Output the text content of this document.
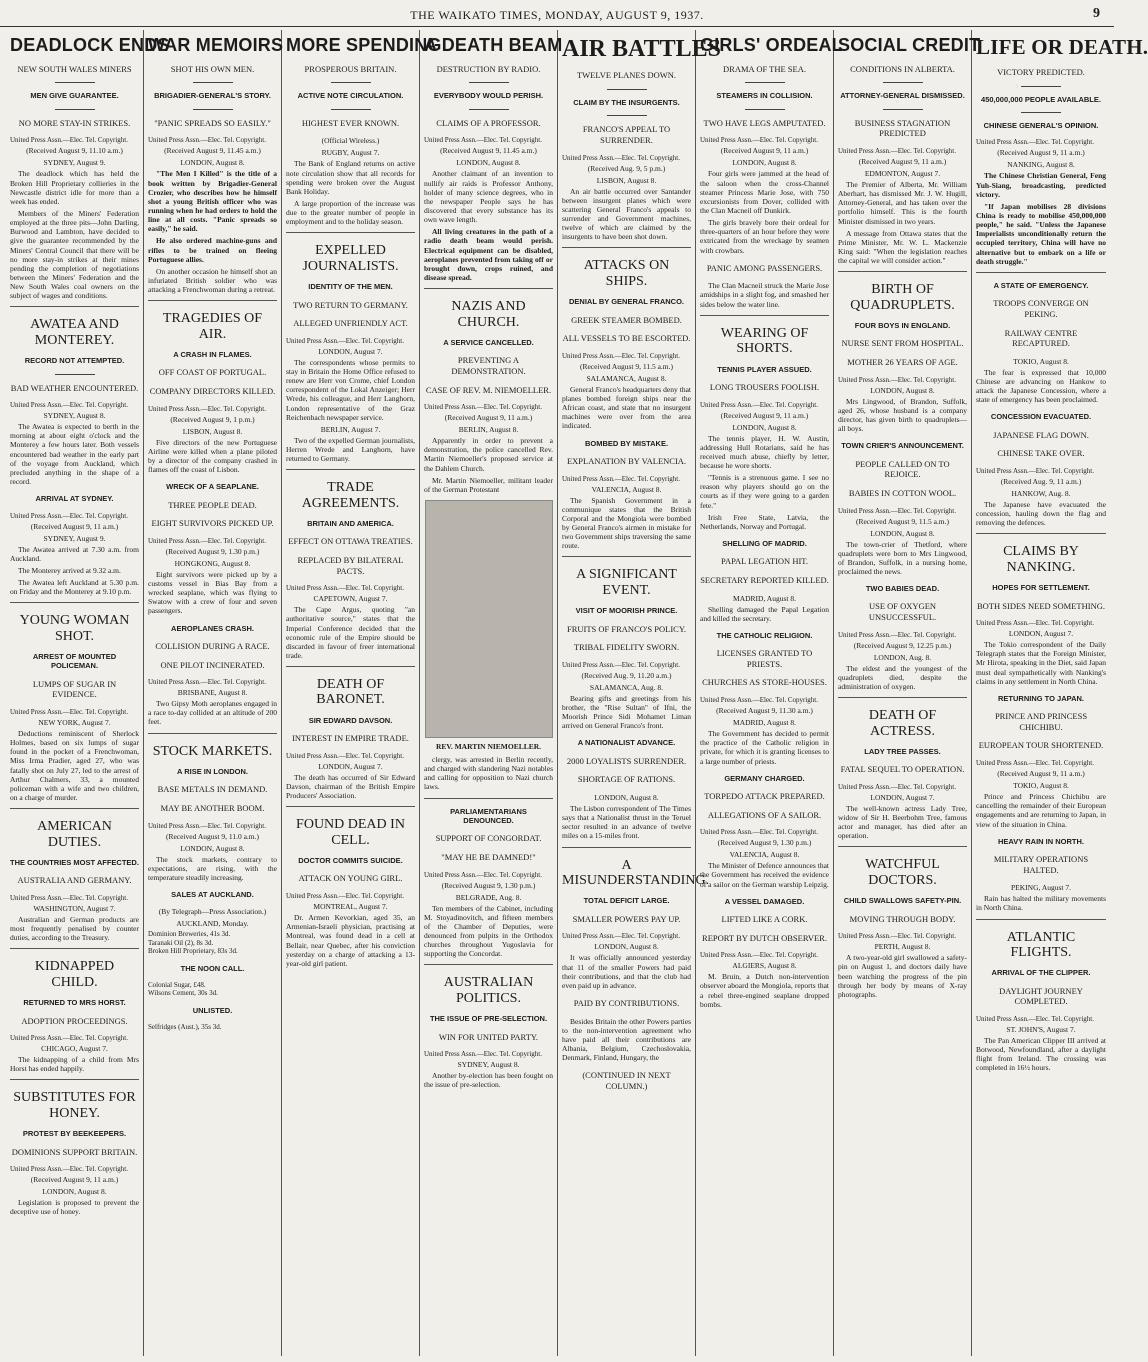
THE WAIKATO TIMES, MONDAY, AUGUST 9, 1937.	9
DEADLOCK ENDS
NEW SOUTH WALES MINERS
MEN GIVE GUARANTEE.
NO MORE STAY-IN STRIKES.
United Press Assn.—Elec. Tel. Copyright.
(Received August 9, 11.10 a.m.)
SYDNEY, August 9.

The deadlock which has held the Broken Hill Proprietary collieries in the Newcastle district idle for more than a week has ended.

Members of the Miners' Federation employed at the three pits—John Darling, Burwood and Lambton, have decided to give the guarantee recommended by the Miners' Central Council that there will be no more stay-in strikes at their mines pending the completion of negotiations between the Miners' Federation and the New South Wales coal owners on the subject of wages and conditions.

AWATEA AND MONTEREY.
RECORD NOT ATTEMPTED.
BAD WEATHER ENCOUNTERED.
United Press Assn.—Elec. Tel. Copyright.
SYDNEY, August 8.

The Awatea is expected to berth in the morning at about eight o'clock and the Monterey a few hours later. Both vessels encountered bad weather in the early part of the voyage from Auckland, which precluded anything in the shape of a record.

ARRIVAL AT SYDNEY.
United Press Assn.—Elec. Tel. Copyright.
(Received August 9, 11 a.m.)
SYDNEY, August 9.

The Awatea arrived at 7.30 a.m. from Auckland.

The Monterey arrived at 9.32 a.m.

The Awatea left Auckland at 5.30 p.m. on Friday and the Monterey at 9.10 p.m.

YOUNG WOMAN SHOT.
ARREST OF MOUNTED POLICEMAN.
LUMPS OF SUGAR IN EVIDENCE.
United Press Assn.—Elec. Tel. Copyright.
NEW YORK, August 7.

Deductions reminiscent of Sherlock Holmes, based on six lumps of sugar found in the pocket of a Frenchwoman, Miss Irma Pradier, aged 27, who was fatally shot on July 27, led to the arrest of Arthur Chalmers, 33, a mounted policeman with a wife and two children, on a charge of murder.

AMERICAN DUTIES.
THE COUNTRIES MOST AFFECTED.
AUSTRALIA AND GERMANY.
United Press Assn.—Elec. Tel. Copyright.
WASHINGTON, August 7.

Australian and German products are most frequently penalised by counter duties, according to the Treasury.

KIDNAPPED CHILD.
RETURNED TO MRS HORST.
ADOPTION PROCEEDINGS.
United Press Assn.—Elec. Tel. Copyright.
CHICAGO, August 7.

The kidnapping of a child from Mrs Horst has ended happily.

SUBSTITUTES FOR HONEY.
PROTEST BY BEEKEEPERS.
DOMINIONS SUPPORT BRITAIN.
United Press Assn.—Elec. Tel. Copyright.
(Received August 9, 11 a.m.)
LONDON, August 8.

Legislation is proposed to prevent the deceptive use of honey.

WAR MEMOIRS
SHOT HIS OWN MEN.
BRIGADIER-GENERAL'S STORY.
"PANIC SPREADS SO EASILY."
United Press Assn.—Elec. Tel. Copyright.
(Received August 9, 11.45 a.m.)
LONDON, August 8.

"The Men I Killed" is the title of a book written by Brigadier-General Crozier, who describes how he himself shot a young British officer who was running when he had orders to hold the line at all costs. "Panic spreads so easily," he said.

He also ordered machine-guns and rifles to be trained on fleeing Portuguese allies.

On another occasion he himself shot an infuriated British soldier who was attacking a Frenchwoman during a retreat.

TRAGEDIES OF AIR.
A CRASH IN FLAMES.
OFF COAST OF PORTUGAL.
COMPANY DIRECTORS KILLED.
United Press Assn.—Elec. Tel. Copyright.
(Received August 9, 1 p.m.)
LISBON, August 8.

Five directors of the new Portuguese Airline were killed when a plane piloted by a director of the company crashed in flames off the coast of Lisbon.

WRECK OF A SEAPLANE.
THREE PEOPLE DEAD.
EIGHT SURVIVORS PICKED UP.
United Press Assn.—Elec. Tel. Copyright.
(Received August 9, 1.30 p.m.)
HONGKONG, August 8.

Eight survivors were picked up by a customs vessel in Bias Bay from a wrecked seaplane, which was flying to Swatow with a crew of four and seven passengers.

AEROPLANES CRASH.
COLLISION DURING A RACE.
ONE PILOT INCINERATED.
United Press Assn.—Elec. Tel. Copyright.
BRISBANE, August 8.

Two Gipsy Moth aeroplanes engaged in a race to-day collided at an altitude of 200 feet.

STOCK MARKETS.
A RISE IN LONDON.
BASE METALS IN DEMAND.
MAY BE ANOTHER BOOM.
United Press Assn.—Elec. Tel. Copyright.
(Received August 9, 11.0 a.m.)
LONDON, August 8.

The stock markets, contrary to expectations, are rising, with the temperature steadily increasing.

SALES AT AUCKLAND.
(By Telegraph—Press Association.)
AUCKLAND, Monday.
Dominion Breweries, 41s 3d.
Taranaki Oil (2), 8s 3d.
Broken Hill Proprietary, 83s 3d.
THE NOON CALL.
Colonial Sugar, £48.
Wilsons Cement, 30s 3d.
UNLISTED.
Selfridges (Aust.), 35s 3d.
MORE SPENDING
PROSPEROUS BRITAIN.
ACTIVE NOTE CIRCULATION.
HIGHEST EVER KNOWN.
(Official Wireless.)
RUGBY, August 7.

The Bank of England returns on active note circulation show that all records for spending were broken over the August Bank Holiday.

A large proportion of the increase was due to the greater number of people in employment and to the holiday season.

EXPELLED JOURNALISTS.
IDENTITY OF THE MEN.
TWO RETURN TO GERMANY.
ALLEGED UNFRIENDLY ACT.
United Press Assn.—Elec. Tel. Copyright.
LONDON, August 7.

The correspondents whose permits to stay in Britain the Home Office refused to renew are Herr von Crome, chief London correspondent of the Lokal Anzeiger; Herr Wrede, his colleague, and Herr Langhorn, London representative of the Graz Reichenbach newspaper service.

BERLIN, August 7.

Two of the expelled German journalists, Herren Wrede and Langhorn, have returned to Germany.

TRADE AGREEMENTS.
BRITAIN AND AMERICA.
EFFECT ON OTTAWA TREATIES.
REPLACED BY BILATERAL PACTS.
United Press Assn.—Elec. Tel. Copyright.
CAPETOWN, August 7.

The Cape Argus, quoting "an authoritative source," states that the Imperial Conference decided that the economic rule of the Empire should be discarded in favour of freer international trade.

DEATH OF BARONET.
SIR EDWARD DAVSON.
INTEREST IN EMPIRE TRADE.
United Press Assn.—Elec. Tel. Copyright.
LONDON, August 7.

The death has occurred of Sir Edward Davson, chairman of the British Empire Producers' Association.

FOUND DEAD IN CELL.
DOCTOR COMMITS SUICIDE.
ATTACK ON YOUNG GIRL.
United Press Assn.—Elec. Tel. Copyright.
MONTREAL, August 7.

Dr. Armen Kevorkian, aged 35, an Armenian-Israeli physician, practising at Montreal, was found dead in a cell at Bellair, near Quebec, after his conviction yesterday on a charge of attacking a 13-year-old girl patient.

A DEATH BEAM
DESTRUCTION BY RADIO.
EVERYBODY WOULD PERISH.
CLAIMS OF A PROFESSOR.
United Press Assn.—Elec. Tel. Copyright.
(Received August 9, 11.45 a.m.)
LONDON, August 8.

Another claimant of an invention to nullify air raids is Professor Anthony, holder of many science degrees, who in the newspaper People says he has discovered that every substance has its own wave length.

All living creatures in the path of a radio death beam would perish. Electrical equipment can be disabled, aeroplanes prevented from taking off or brought down, crops ruined, and disease spread.

NAZIS AND CHURCH.
A SERVICE CANCELLED.
PREVENTING A DEMONSTRATION.
CASE OF REV. M. NIEMOELLER.
United Press Assn.—Elec. Tel. Copyright.
(Received August 9, 11 a.m.)
BERLIN, August 8.

Apparently in order to prevent a demonstration, the police cancelled Rev. Martin Niemoeller's proposed service at the Dahlem Church.

Mr. Martin Niemoeller, militant leader of the German Protestant

REV. MARTIN NIEMOELLER.

clergy, was arrested in Berlin recently, and charged with slandering Nazi notables and calling for opposition to Nazi church laws.

PARLIAMENTARIANS DENOUNCED.
SUPPORT OF CONGORDAT.
"MAY HE BE DAMNED!"
United Press Assn.—Elec. Tel. Copyright.
(Received August 9, 1.30 p.m.)
BELGRADE, Aug. 8.

Ten members of the Cabinet, including M. Stoyadinovitch, and fifteen members of the Chamber of Deputies, were denounced from pulpits in the Orthodox churches throughout Yugoslavia for supporting the Concordat.

AUSTRALIAN POLITICS.
THE ISSUE OF PRE-SELECTION.
WIN FOR UNITED PARTY.
United Press Assn.—Elec. Tel. Copyright.
SYDNEY, August 8.

Another by-election has been fought on the issue of pre-selection.

AIR BATTLES
TWELVE PLANES DOWN.
CLAIM BY THE INSURGENTS.
FRANCO'S APPEAL TO SURRENDER.
United Press Assn.—Elec. Tel. Copyright.
(Received Aug. 9, 5 p.m.)
LISBON, August 8.

An air battle occurred over Santander between insurgent planes which were scattering General Franco's appeals to surrender and Government machines, twelve of which are claimed by the insurgents to have been shot down.

ATTACKS ON SHIPS.
DENIAL BY GENERAL FRANCO.
GREEK STEAMER BOMBED.
ALL VESSELS TO BE ESCORTED.
United Press Assn.—Elec. Tel. Copyright.
(Received August 9, 11.5 a.m.)
SALAMANCA, August 8.

General Franco's headquarters deny that planes bombed foreign ships near the African coast, and state that no insurgent machines were over from the area indicated.

BOMBED BY MISTAKE.
EXPLANATION BY VALENCIA.
United Press Assn.—Elec. Tel. Copyright.
VALENCIA, August 8.

The Spanish Government in a communique states that the British Corporal and the Mongiola were bombed by General Franco's airmen in mistake for two Government ships traversing the same route.

A SIGNIFICANT EVENT.
VISIT OF MOORISH PRINCE.
FRUITS OF FRANCO'S POLICY.
TRIBAL FIDELITY SWORN.
United Press Assn.—Elec. Tel. Copyright.
(Received Aug. 9, 11.20 a.m.)
SALAMANCA, Aug. 8.

Bearing gifts and greetings from his brother, the "Rise Sultan" of Ifni, the Moorish Prince Sidi Mohamet Liman arrived on General Franco's front.

A NATIONALIST ADVANCE.
2000 LOYALISTS SURRENDER.
SHORTAGE OF RATIONS.
LONDON, August 8.

The Lisbon correspondent of The Times says that a Nationalist thrust in the Teruel sector resulted in an advance of twelve miles on a 15-miles front.

A MISUNDERSTANDING.
TOTAL DEFICIT LARGE.
SMALLER POWERS PAY UP.
United Press Assn.—Elec. Tel. Copyright.
LONDON, August 8.

It was officially announced yesterday that 11 of the smaller Powers had paid their contributions, and that the club had even paid up in advance.

PAID BY CONTRIBUTIONS.

Besides Britain the other Powers parties to the non-intervention agreement who have paid all their contributions are Albania, Belgium, Czechoslovakia, Denmark, Finland, Hungary, the

(CONTINUED IN NEXT COLUMN.)
GIRLS' ORDEAL
DRAMA OF THE SEA.
STEAMERS IN COLLISION.
TWO HAVE LEGS AMPUTATED.
United Press Assn.—Elec. Tel. Copyright.
(Received August 9, 11 a.m.)
LONDON, August 8.

Four girls were jammed at the head of the saloon when the cross-Channel steamer Princess Marie Jose, with 750 excursionists from Dover, collided with the Clan Macneil off Dunkirk.

The girls bravely bore their ordeal for three-quarters of an hour before they were extricated from the wreckage by seamen with crowbars.

PANIC AMONG PASSENGERS.

The Clan Macneil struck the Marie Jose amidships in a slight fog, and smashed her sides below the water line.

WEARING OF SHORTS.
TENNIS PLAYER ASSUED.
LONG TROUSERS FOOLISH.
United Press Assn.—Elec. Tel. Copyright.
(Received August 9, 11 a.m.)
LONDON, August 8.

The tennis player, H. W. Austin, addressing Hull Rotarians, said he has received much abuse, chiefly by letter, because he wore shorts.

"Tennis is a strenuous game. I see no reason why players should go on the courts as if they were going to a garden fete."

Irish Free State, Latvia, the Netherlands, Norway and Portugal.

SHELLING OF MADRID.
PAPAL LEGATION HIT.
SECRETARY REPORTED KILLED.
MADRID, August 8.

Shelling damaged the Papal Legation and killed the secretary.

THE CATHOLIC RELIGION.
LICENSES GRANTED TO PRIESTS.
CHURCHES AS STORE-HOUSES.
United Press Assn.—Elec. Tel. Copyright.
(Received August 9, 11.30 a.m.)
MADRID, August 8.

The Government has decided to permit the practice of the Catholic religion in private, for which it is granting licenses to a large number of priests.

GERMANY CHARGED.
TORPEDO ATTACK PREPARED.
ALLEGATIONS OF A SAILOR.
United Press Assn.—Elec. Tel. Copyright.
(Received August 9, 1.30 p.m.)
VALENCIA, August 8.

The Minister of Defence announces that the Government has received the evidence of a sailor on the German warship Leipzig.

A VESSEL DAMAGED.
LIFTED LIKE A CORK.
REPORT BY DUTCH OBSERVER.
United Press Assn.—Elec. Tel. Copyright.
ALGIERS, August 8.

M. Bruin, a Dutch non-intervention observer aboard the Mongiola, reports that a rebel three-engined seaplane dropped bombs.

SOCIAL CREDIT
CONDITIONS IN ALBERTA.
ATTORNEY-GENERAL DISMISSED.
BUSINESS STAGNATION PREDICTED
United Press Assn.—Elec. Tel. Copyright.
(Received August 9, 11 a.m.)
EDMONTON, August 7.

The Premier of Alberta, Mr. William Aberhart, has dismissed Mr. J. W. Hugill, Attorney-General, and has taken over the portfolio himself. This is the fourth Minister dismissed in two years.

A message from Ottawa states that the Prime Minister, Mr. W. L. Mackenzie King said: "When the legislation reaches the capital we will consider action."

BIRTH OF QUADRUPLETS.
FOUR BOYS IN ENGLAND.
NURSE SENT FROM HOSPITAL.
MOTHER 26 YEARS OF AGE.
United Press Assn.—Elec. Tel. Copyright.
LONDON, August 8.

Mrs Lingwood, of Brandon, Suffolk, aged 26, whose husband is a company director, has given birth to quadruplets—all boys.

TOWN CRIER'S ANNOUNCEMENT.
PEOPLE CALLED ON TO REJOICE.
BABIES IN COTTON WOOL.
United Press Assn.—Elec. Tel. Copyright.
(Received August 9, 11.5 a.m.)
LONDON, August 8.

The town-crier of Thetford, where quadruplets were born to Mrs Lingwood, of Brandon, Suffolk, in a nursing home, proclaimed the news.

TWO BABIES DEAD.
USE OF OXYGEN UNSUCCESSFUL.
United Press Assn.—Elec. Tel. Copyright.
(Received August 9, 12.25 p.m.)
LONDON, Aug. 8.

The eldest and the youngest of the quadruplets died, despite the administration of oxygen.

DEATH OF ACTRESS.
LADY TREE PASSES.
FATAL SEQUEL TO OPERATION.
United Press Assn.—Elec. Tel. Copyright.
LONDON, August 7.

The well-known actress Lady Tree, widow of Sir H. Beerbohm Tree, famous actor and manager, has died after an operation.

WATCHFUL DOCTORS.
CHILD SWALLOWS SAFETY-PIN.
MOVING THROUGH BODY.
United Press Assn.—Elec. Tel. Copyright.
PERTH, August 8.

A two-year-old girl swallowed a safety-pin on August 1, and doctors daily have been watching the progress of the pin through her body by means of X-ray photographs.

LIFE OR DEATH.
VICTORY PREDICTED.
450,000,000 PEOPLE AVAILABLE.
CHINESE GENERAL'S OPINION.
United Press Assn.—Elec. Tel. Copyright.
(Received August 9, 11 a.m.)
NANKING, August 8.

The Chinese Christian General, Feng Yuh-Siang, broadcasting, predicted victory.

"If Japan mobilises 28 divisions China is ready to mobilise 450,000,000 people," he said. "Unless the Japanese Imperialists unconditionally return the occupied territory, China will have no alternative but to embark on a life or death struggle."

A STATE OF EMERGENCY.
TROOPS CONVERGE ON PEKING.
RAILWAY CENTRE RECAPTURED.
TOKIO, August 8.

The fear is expressed that 10,000 Chinese are advancing on Hankow to attack the Japanese Concession, where a state of emergency has been proclaimed.

CONCESSION EVACUATED.
JAPANESE FLAG DOWN.
CHINESE TAKE OVER.
United Press Assn.—Elec. Tel. Copyright.
(Received Aug. 9, 11 a.m.)
HANKOW, Aug. 8.

The Japanese have evacuated the concession, hauling down the flag and removing the defences.

CLAIMS BY NANKING.
HOPES FOR SETTLEMENT.
BOTH SIDES NEED SOMETHING.
United Press Assn.—Elec. Tel. Copyright.
LONDON, August 7.

The Tokio correspondent of the Daily Telegraph states that the Foreign Minister, Mr Hirota, speaking in the Diet, said Japan must deal sympathetically with Nanking's claims in any settlement in North China.

RETURNING TO JAPAN.
PRINCE AND PRINCESS CHICHIBU.
EUROPEAN TOUR SHORTENED.
United Press Assn.—Elec. Tel. Copyright.
(Received August 9, 11 a.m.)
TOKIO, August 8.

Prince and Princess Chichibu are cancelling the remainder of their European engagements and are returning to Japan, in view of the situation in China.

HEAVY RAIN IN NORTH.
MILITARY OPERATIONS HALTED.
PEKING, August 7.

Rain has halted the military movements in North China.

ATLANTIC FLIGHTS.
ARRIVAL OF THE CLIPPER.
DAYLIGHT JOURNEY COMPLETED.
United Press Assn.—Elec. Tel. Copyright.
ST. JOHN'S, August 7.

The Pan American Clipper III arrived at Botwood, Newfoundland, after a daylight flight from Ireland. The crossing was completed in 16½ hours.
